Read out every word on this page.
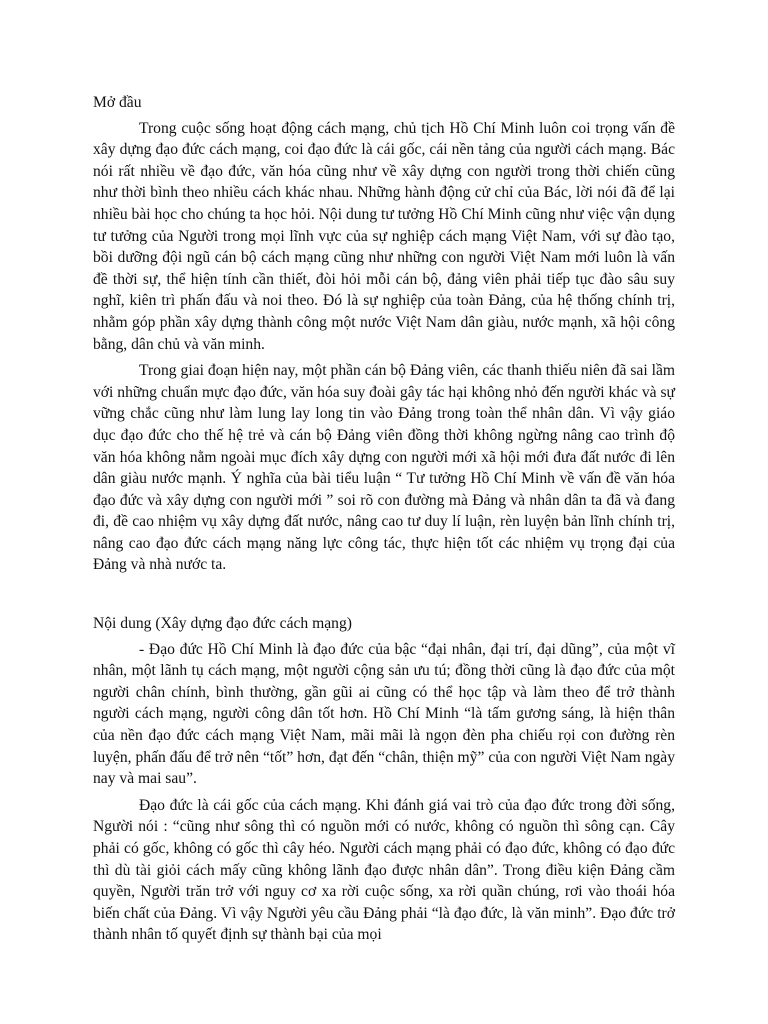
Mở đầu

Trong cuộc sống hoạt động cách mạng, chủ tịch Hồ Chí Minh luôn coi trọng vấn đề xây dựng đạo đức cách mạng, coi đạo đức là cái gốc, cái nền tảng của người cách mạng. Bác nói rất nhiều về đạo đức, văn hóa cũng như về xây dựng con người trong thời chiến cũng như thời bình theo nhiều cách khác nhau. Những hành động cử chỉ của Bác, lời nói đã để lại nhiều bài học cho chúng ta học hỏi. Nội dung tư tưởng Hồ Chí Minh cũng như việc vận dụng tư tưởng của Người trong mọi lĩnh vực của sự nghiệp cách mạng Việt Nam, với sự đào tạo, bồi dưỡng đội ngũ cán bộ cách mạng cũng như những con người Việt Nam mới luôn là vấn đề thời sự, thể hiện tính cần thiết, đòi hỏi mỗi cán bộ, đảng viên phải tiếp tục đào sâu suy nghĩ, kiên trì phấn đấu và noi theo. Đó là sự nghiệp của toàn Đảng, của hệ thống chính trị, nhằm góp phần xây dựng thành công một nước Việt Nam dân giàu, nước mạnh, xã hội công bằng, dân chủ và văn minh.

Trong giai đoạn hiện nay, một phần cán bộ Đảng viên, các thanh thiếu niên đã sai lầm với những chuẩn mực đạo đức, văn hóa suy đoài gây tác hại không nhỏ đến người khác và sự vững chắc cũng như làm lung lay long tin vào Đảng trong toàn thể nhân dân. Vì vậy giáo dục đạo đức cho thế hệ trẻ và cán bộ Đảng viên đồng thời không ngừng nâng cao trình độ văn hóa không nằm ngoài mục đích xây dựng con người mới xã hội mới đưa đất nước đi lên dân giàu nước mạnh. Ý nghĩa của bài tiểu luận “ Tư tưởng Hồ Chí Minh về vấn đề văn hóa đạo đức và xây dựng con người mới ” soi rõ con đường mà Đảng và nhân dân ta đã và đang đi, đề cao nhiệm vụ xây dựng đất nước, nâng cao tư duy lí luận, rèn luyện bản lĩnh chính trị, nâng cao đạo đức cách mạng năng lực công tác, thực hiện tốt các nhiệm vụ trọng đại của Đảng và nhà nước ta.

Nội dung (Xây dựng đạo đức cách mạng)

- Đạo đức Hồ Chí Minh là đạo đức của bậc “đại nhân, đại trí, đại dũng”, của một vĩ nhân, một lãnh tụ cách mạng, một người cộng sản ưu tú; đồng thời cũng là đạo đức của một người chân chính, bình thường, gần gũi ai cũng có thể học tập và làm theo để trở thành người cách mạng, người công dân tốt hơn. Hồ Chí Minh “là tấm gương sáng, là hiện thân của nền đạo đức cách mạng Việt Nam, mãi mãi là ngọn đèn pha chiếu rọi con đường rèn luyện, phấn đấu để trở nên “tốt” hơn, đạt đến “chân, thiện mỹ” của con người Việt Nam ngày nay và mai sau”.

Đạo đức là cái gốc của cách mạng. Khi đánh giá vai trò của đạo đức trong đời sống, Người nói : “cũng như sông thì có nguồn mới có nước, không có nguồn thì sông cạn. Cây phải có gốc, không có gốc thì cây héo. Người cách mạng phải có đạo đức, không có đạo đức thì dù tài giỏi cách mấy cũng không lãnh đạo được nhân dân”. Trong điều kiện Đảng cầm quyền, Người trăn trở với nguy cơ xa rời cuộc sống, xa rời quần chúng, rơi vào thoái hóa biến chất của Đảng. Vì vậy Người yêu cầu Đảng phải “là đạo đức, là văn minh”. Đạo đức trở thành nhân tố quyết định sự thành bại của mọi
